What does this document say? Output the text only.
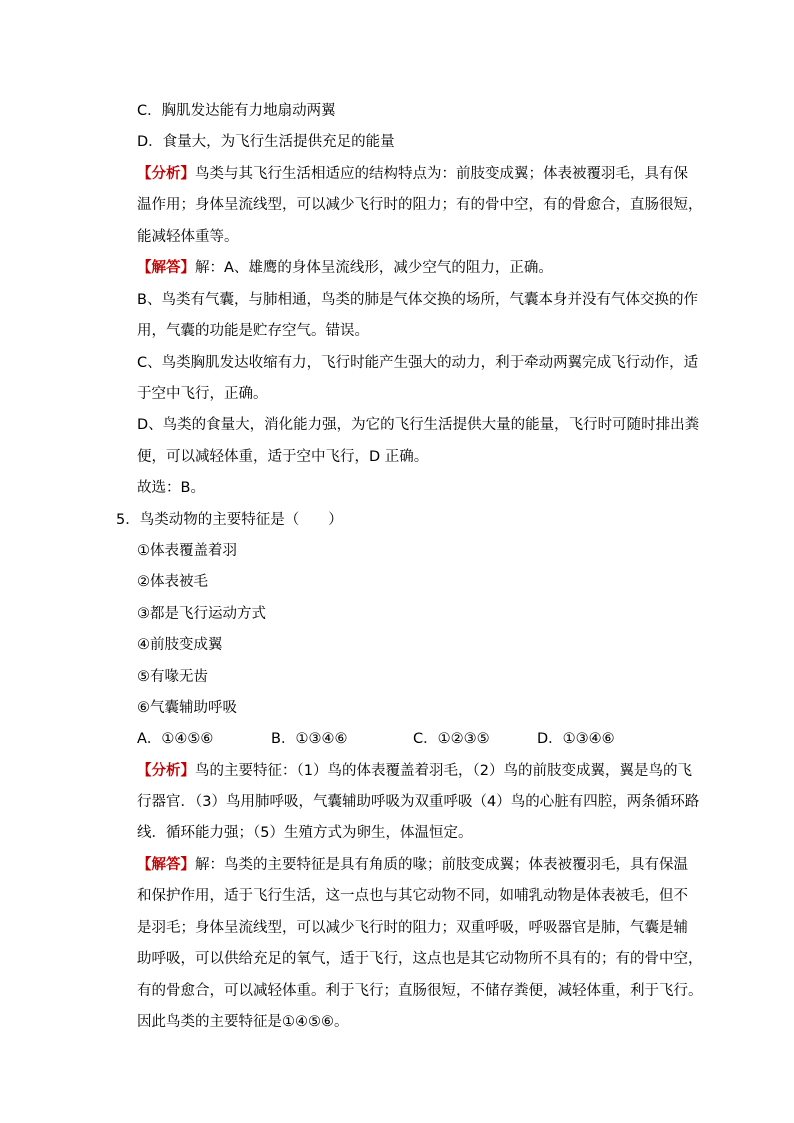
C．胸肌发达能有力地扇动两翼
D．食量大，为飞行生活提供充足的能量
【分析】鸟类与其飞行生活相适应的结构特点为：前肢变成翼；体表被覆羽毛，具有保
温作用；身体呈流线型，可以减少飞行时的阻力；有的骨中空，有的骨愈合，直肠很短，
能减轻体重等。
【解答】解：A、雄鹰的身体呈流线形，减少空气的阻力，正确。
B、鸟类有气囊，与肺相通，鸟类的肺是气体交换的场所，气囊本身并没有气体交换的作
用，气囊的功能是贮存空气。错误。
C、鸟类胸肌发达收缩有力，飞行时能产生强大的动力，利于牵动两翼完成飞行动作，适
于空中飞行，正确。
D、鸟类的食量大，消化能力强，为它的飞行生活提供大量的能量，飞行时可随时排出粪
便，可以减轻体重，适于空中飞行，D 正确。
故选：B。
5．鸟类动物的主要特征是（　　）
①体表覆盖着羽
②体表被毛
③都是飞行运动方式
④前肢变成翼
⑤有喙无齿
⑥气囊辅助呼吸
A．①④⑤⑥	B．①③④⑥	C．①②③⑤	D．①③④⑥
【分析】鸟的主要特征：（1）鸟的体表覆盖着羽毛，（2）鸟的前肢变成翼，翼是鸟的飞
行器官．（3）鸟用肺呼吸，气囊辅助呼吸为双重呼吸（4）鸟的心脏有四腔，两条循环路
线．循环能力强；（5）生殖方式为卵生，体温恒定。
【解答】解：鸟类的主要特征是具有角质的喙；前肢变成翼；体表被覆羽毛，具有保温
和保护作用，适于飞行生活，这一点也与其它动物不同，如哺乳动物是体表被毛，但不
是羽毛；身体呈流线型，可以减少飞行时的阻力；双重呼吸，呼吸器官是肺，气囊是辅
助呼吸，可以供给充足的氧气，适于飞行，这点也是其它动物所不具有的；有的骨中空，
有的骨愈合，可以减轻体重。利于飞行；直肠很短，不储存粪便，减轻体重，利于飞行。
因此鸟类的主要特征是①④⑤⑥。
